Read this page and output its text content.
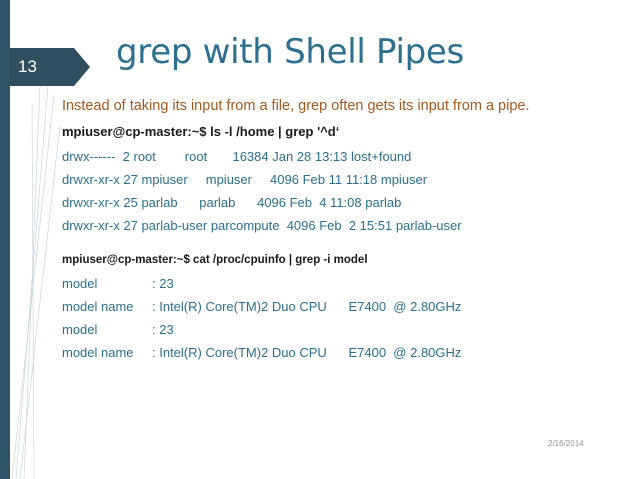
13	grep with Shell Pipes
Instead of taking its input from a file, grep often gets its input from a pipe.
mpiuser@cp-master:~$ ls -l /home | grep '^d‘
drwx------  2 root        root       16384 Jan 28 13:13 lost+found
drwxr-xr-x 27 mpiuser     mpiuser     4096 Feb 11 11:18 mpiuser
drwxr-xr-x 25 parlab      parlab      4096 Feb  4 11:08 parlab
drwxr-xr-x 27 parlab-user parcompute  4096 Feb  2 15:51 parlab-user
mpiuser@cp-master:~$ cat /proc/cpuinfo | grep -i model
model	: 23
model name : Intel(R) Core(TM)2 Duo CPU      E7400  @ 2.80GHz
model	: 23
model name : Intel(R) Core(TM)2 Duo CPU      E7400  @ 2.80GHz
2/16/2014
